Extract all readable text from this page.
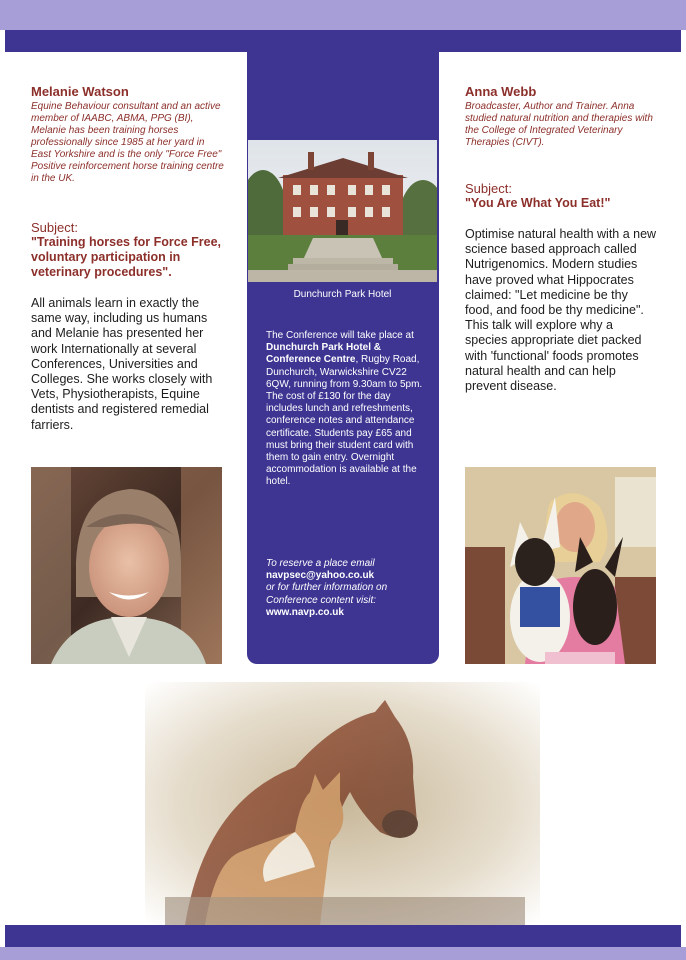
Melanie Watson
Equine Behaviour consultant and an active member of IAABC, ABMA, PPG (BI), Melanie has been training horses professionally since 1985 at her yard in East Yorkshire and is the only "Force Free" Positive reinforcement horse training centre in the UK.
Subject:
"Training horses for Force Free, voluntary participation in veterinary procedures".
All animals learn in exactly the same way, including us humans and Melanie has presented her work Internationally at several Conferences, Universities and Colleges. She works closely with Vets, Physiotherapists, Equine dentists and registered remedial farriers.
Dunchurch Park Hotel
The Conference will take place at Dunchurch Park Hotel & Conference Centre, Rugby Road, Dunchurch, Warwickshire CV22 6QW, running from 9.30am to 5pm. The cost of £130 for the day includes lunch and refreshments, conference notes and attendance certificate. Students pay £65 and must bring their student card with them to gain entry. Overnight accommodation is available at the hotel.
To reserve a place email
navpsec@yahoo.co.uk
or for further information on Conference content visit:
www.navp.co.uk
Anna Webb
Broadcaster, Author and Trainer. Anna studied natural nutrition and therapies with the College of Integrated Veterinary Therapies (CIVT).
Subject:
"You Are What You Eat!"
Optimise natural health with a new science based approach called Nutrigenomics. Modern studies have proved what Hippocrates claimed: "Let medicine be thy food, and food be thy medicine". This talk will explore why a species appropriate diet packed with 'functional' foods promotes natural health and can help prevent disease.
